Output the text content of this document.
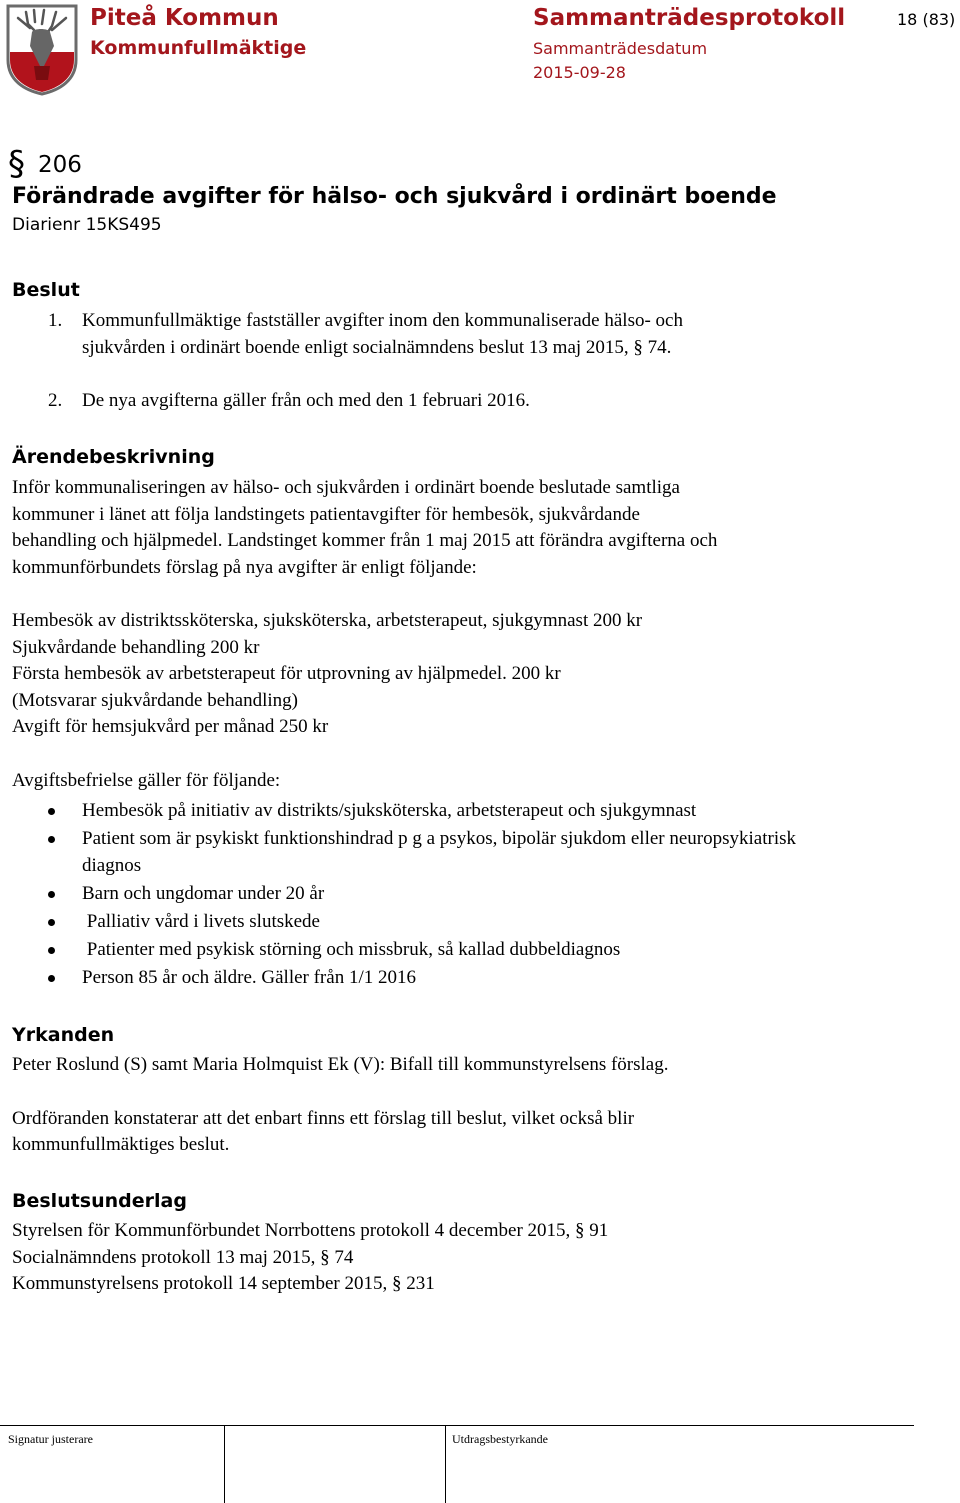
Piteå Kommun
Kommunfullmäktige
Sammanträdesprotokoll
Sammanträdesdatum
2015-09-28
18 (83)
§ 206
Förändrade avgifter för hälso- och sjukvård i ordinärt boende
Diarienr 15KS495
Beslut
1.	Kommunfullmäktige fastställer avgifter inom den kommunaliserade hälso- och
sjukvården i ordinärt boende enligt socialnämndens beslut 13 maj 2015, § 74.
2.	De nya avgifterna gäller från och med den 1 februari 2016.
Ärendebeskrivning
Inför kommunaliseringen av hälso- och sjukvården i ordinärt boende beslutade samtliga
kommuner i länet att följa landstingets patientavgifter för hembesök, sjukvårdande
behandling och hjälpmedel. Landstinget kommer från 1 maj 2015 att förändra avgifterna och
kommunförbundets förslag på nya avgifter är enligt följande:
Hembesök av distriktssköterska, sjuksköterska, arbetsterapeut, sjukgymnast 200 kr
Sjukvårdande behandling 200 kr
Första hembesök av arbetsterapeut för utprovning av hjälpmedel. 200 kr
(Motsvarar sjukvårdande behandling)
Avgift för hemsjukvård per månad 250 kr
Avgiftsbefrielse gäller för följande:
Hembesök på initiativ av distrikts/sjuksköterska, arbetsterapeut och sjukgymnast
Patient som är psykiskt funktionshindrad p g a psykos, bipolär sjukdom eller neuropsykiatrisk diagnos
Barn och ungdomar under 20 år
Palliativ vård i livets slutskede
Patienter med psykisk störning och missbruk, så kallad dubbeldiagnos
Person 85 år och äldre. Gäller från 1/1 2016
Yrkanden
Peter Roslund (S) samt Maria Holmquist Ek (V): Bifall till kommunstyrelsens förslag.
Ordföranden konstaterar att det enbart finns ett förslag till beslut, vilket också blir
kommunfullmäktiges beslut.
Beslutsunderlag
Styrelsen för Kommunförbundet Norrbottens protokoll 4 december 2015, § 91
Socialnämndens protokoll 13 maj 2015, § 74
Kommunstyrelsens protokoll 14 september 2015, § 231
Signatur justerare	Utdragsbestyrkande
